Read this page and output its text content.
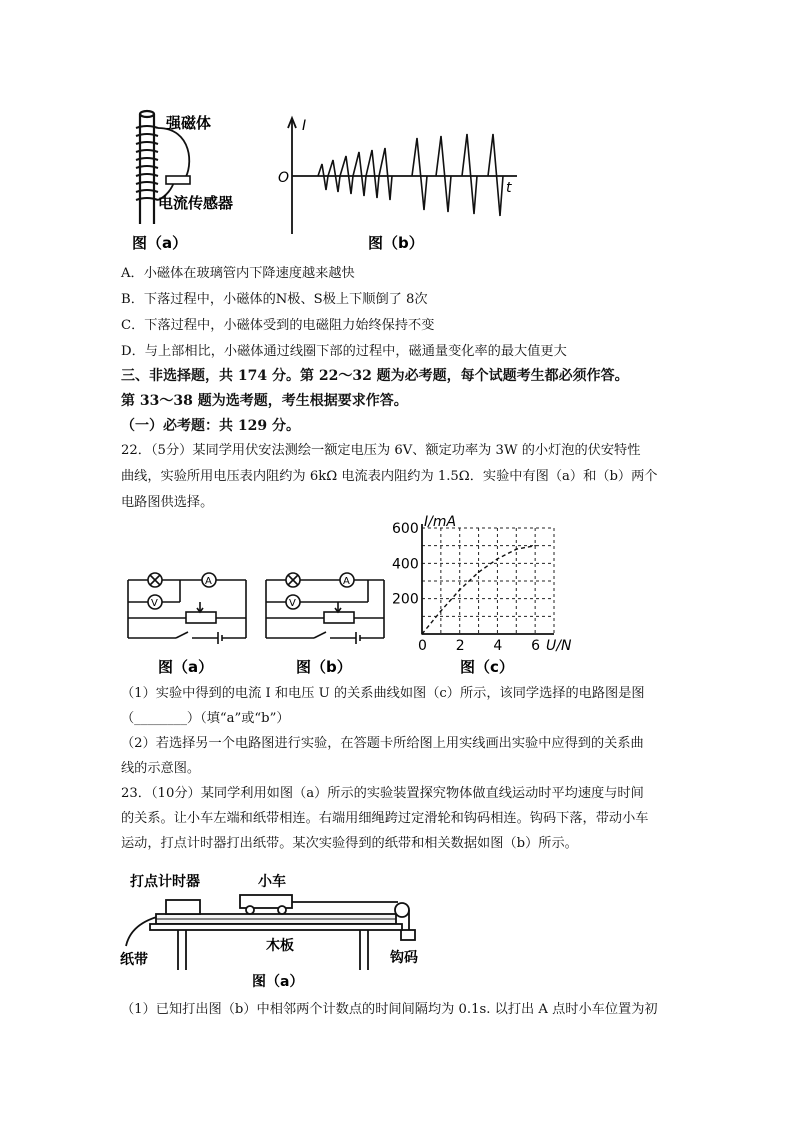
强磁体
电流传感器
图（a）
I
O
t
图（b）
A．小磁体在玻璃管内下降速度越来越快
B．下落过程中，小磁体的N极、S极上下顺倒了 8次
C．下落过程中，小磁体受到的电磁阻力始终保持不变
D．与上部相比，小磁体通过线圈下部的过程中，磁通量变化率的最大值更大
三、非选择题，共 174 分。第 22～32 题为必考题，每个试题考生都必须作答。
第 33～38 题为选考题，考生根据要求作答。
（一）必考题：共 129 分。
22．（5分）某同学用伏安法测绘一额定电压为 6V、额定功率为 3W 的小灯泡的伏安特性
曲线，实验所用电压表内阻约为 6kΩ 电流表内阻约为 1.5Ω．实验中有图（a）和（b）两个
电路图供选择。
A
V
图（a）
A
V
图（b）
0 2 4 6
200
400
600 I/mA
U/N
图（c）
（1）实验中得到的电流 I 和电压 U 的关系曲线如图（c）所示，该同学选择的电路图是图
（________）（填“a”或“b”）
（2）若选择另一个电路图进行实验，在答题卡所给图上用实线画出实验中应得到的关系曲
线的示意图。
23．（10分）某同学利用如图（a）所示的实验装置探究物体做直线运动时平均速度与时间
的关系。让小车左端和纸带相连。右端用细绳跨过定滑轮和钩码相连。钩码下落，带动小车
运动，打点计时器打出纸带。某次实验得到的纸带和相关数据如图（b）所示。
打点计时器	小车
纸带
木板
钩码
图（a）
（1）已知打出图（b）中相邻两个计数点的时间间隔均为 0.1s. 以打出 A 点时小车位置为初
